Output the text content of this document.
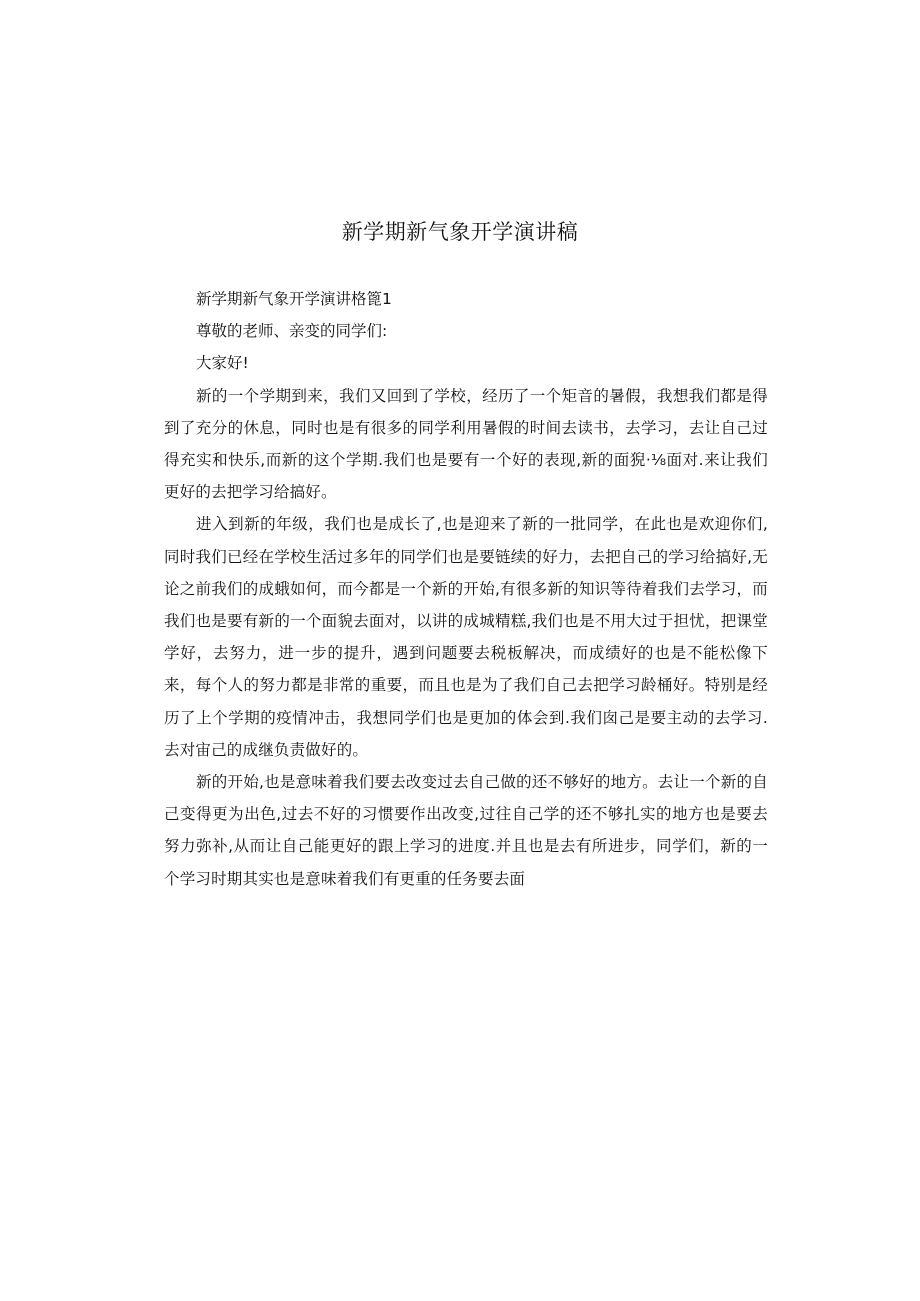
新学期新气象开学演讲稿

新学期新气象开学演讲格篦1

尊敬的老师、亲变的同学们:

大家好!

新的一个学期到来，我们又回到了学校，经历了一个矩音的暑假，我想我们都是得到了充分的休息，同时也是有很多的同学利用暑假的时间去读书，去学习，去让自己过得充实和快乐,而新的这个学期.我们也是要有一个好的表现,新的面猊·⅛面对.来让我们更好的去把学习给搞好。

进入到新的年级，我们也是成长了,也是迎来了新的一批同学，在此也是欢迎你们,同时我们已经在学校生活过多年的同学们也是要链续的好力，去把自己的学习给搞好,无论之前我们的成蛾如何，而今都是一个新的开始,有很多新的知识等待着我们去学习，而我们也是要有新的一个面貌去面对，以讲的成城精糕,我们也是不用大过于担忧，把课堂学好，去努力，进一步的提升，遇到问题要去税板解决，而成绩好的也是不能松像下来，每个人的努力都是非常的重要，而且也是为了我们自己去把学习龄桶好。特别是经历了上个学期的疫情冲击，我想同学们也是更加的体会到.我们囱己是要主动的去学习.去对宙己的成继负责做好的。

新的开始,也是意味着我们要去改变过去自己做的还不够好的地方。去让一个新的自己变得更为出色,过去不好的习惯要作出改变,过往自己学的还不够扎实的地方也是要去努力弥补,从而让自己能更好的跟上学习的进度.并且也是去有所进步，同学们，新的一个学习时期其实也是意味着我们有更重的任务要去面
